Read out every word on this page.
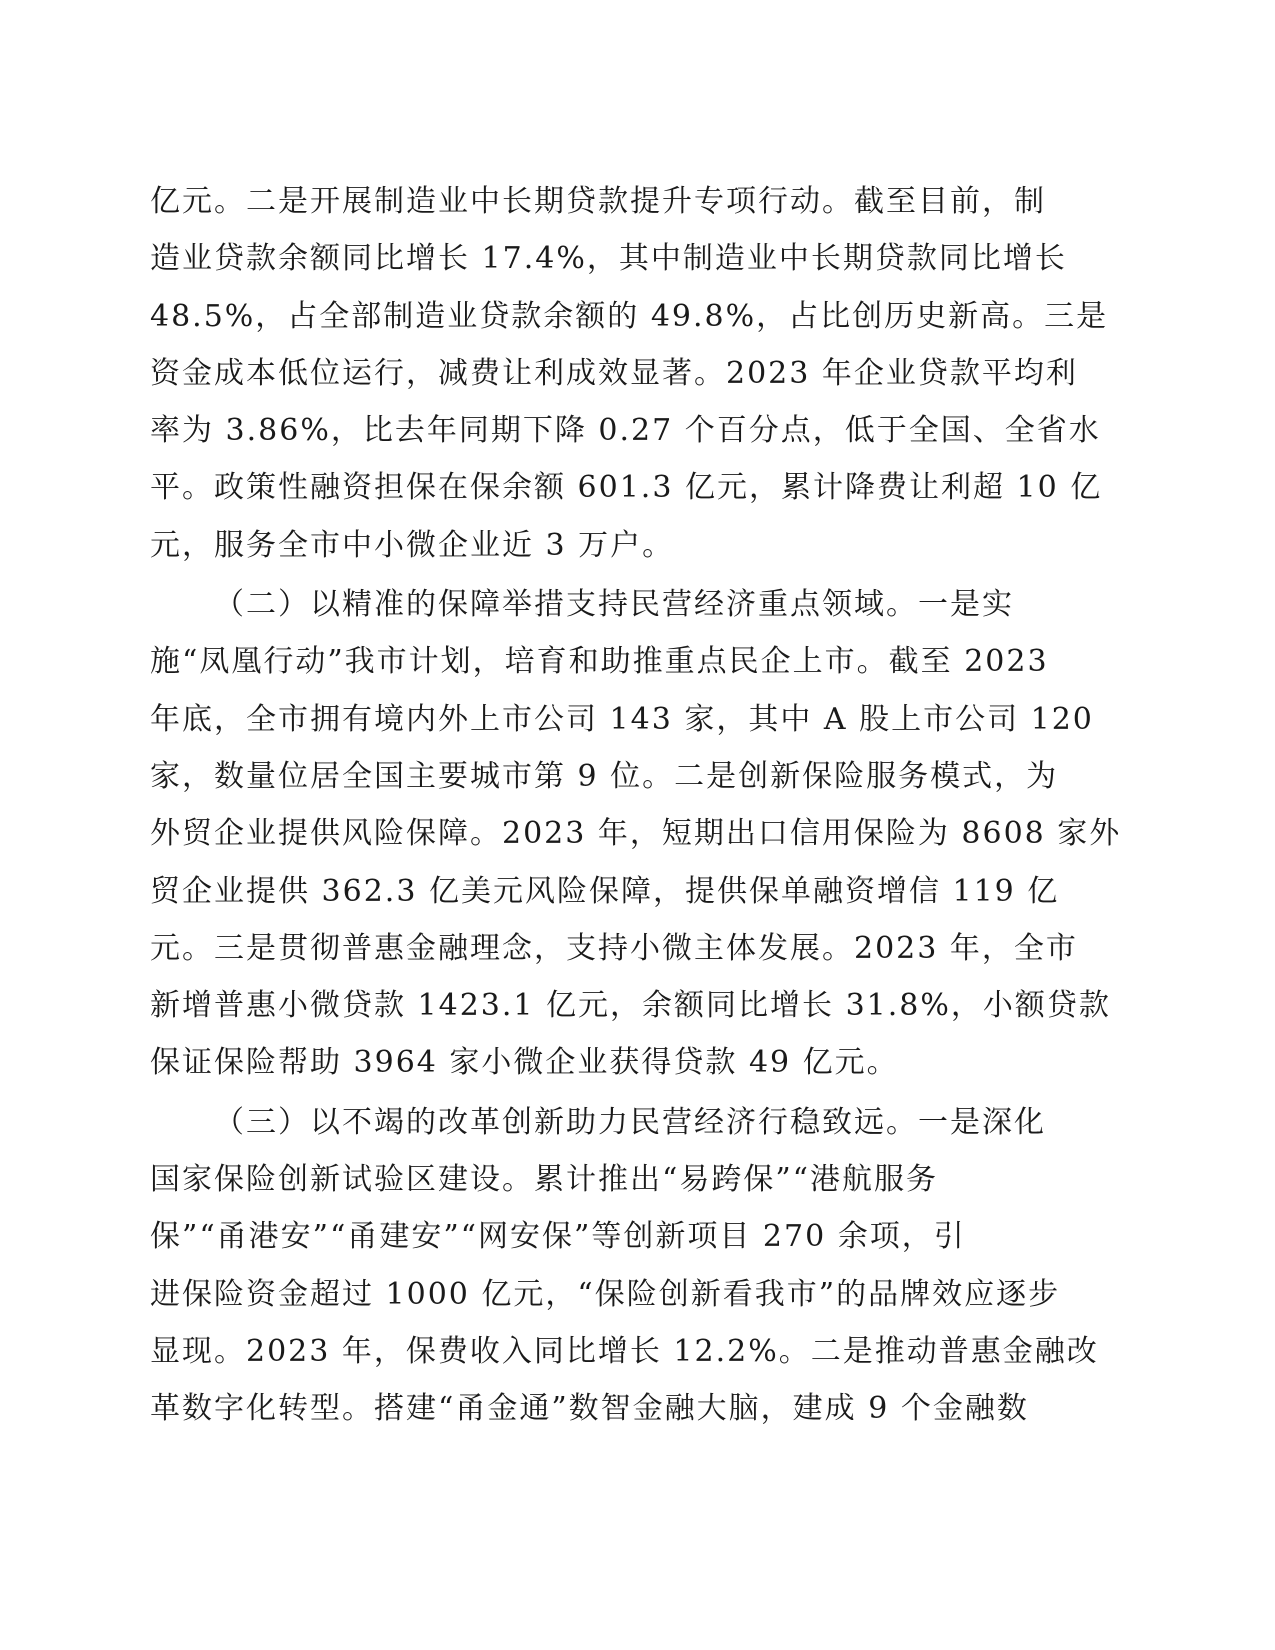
亿元。二是开展制造业中长期贷款提升专项行动。截至目前，制
造业贷款余额同比增长 17.4%，其中制造业中长期贷款同比增长
48.5%，占全部制造业贷款余额的 49.8%，占比创历史新高。三是
资金成本低位运行，减费让利成效显著。2023 年企业贷款平均利
率为 3.86%，比去年同期下降 0.27 个百分点，低于全国、全省水
平。政策性融资担保在保余额 601.3 亿元，累计降费让利超 10 亿
元，服务全市中小微企业近 3 万户。
（二）以精准的保障举措支持民营经济重点领域。一是实
施“凤凰行动”我市计划，培育和助推重点民企上市。截至 2023
年底，全市拥有境内外上市公司 143 家，其中 A 股上市公司 120
家，数量位居全国主要城市第 9 位。二是创新保险服务模式，为
外贸企业提供风险保障。2023 年，短期出口信用保险为 8608 家外
贸企业提供 362.3 亿美元风险保障，提供保单融资增信 119 亿
元。三是贯彻普惠金融理念，支持小微主体发展。2023 年，全市
新增普惠小微贷款 1423.1 亿元，余额同比增长 31.8%，小额贷款
保证保险帮助 3964 家小微企业获得贷款 49 亿元。
（三）以不竭的改革创新助力民营经济行稳致远。一是深化
国家保险创新试验区建设。累计推出“易跨保”“港航服务
保”“甬港安”“甬建安”“网安保”等创新项目 270 余项，引
进保险资金超过 1000 亿元，“保险创新看我市”的品牌效应逐步
显现。2023 年，保费收入同比增长 12.2%。二是推动普惠金融改
革数字化转型。搭建“甬金通”数智金融大脑，建成 9 个金融数
